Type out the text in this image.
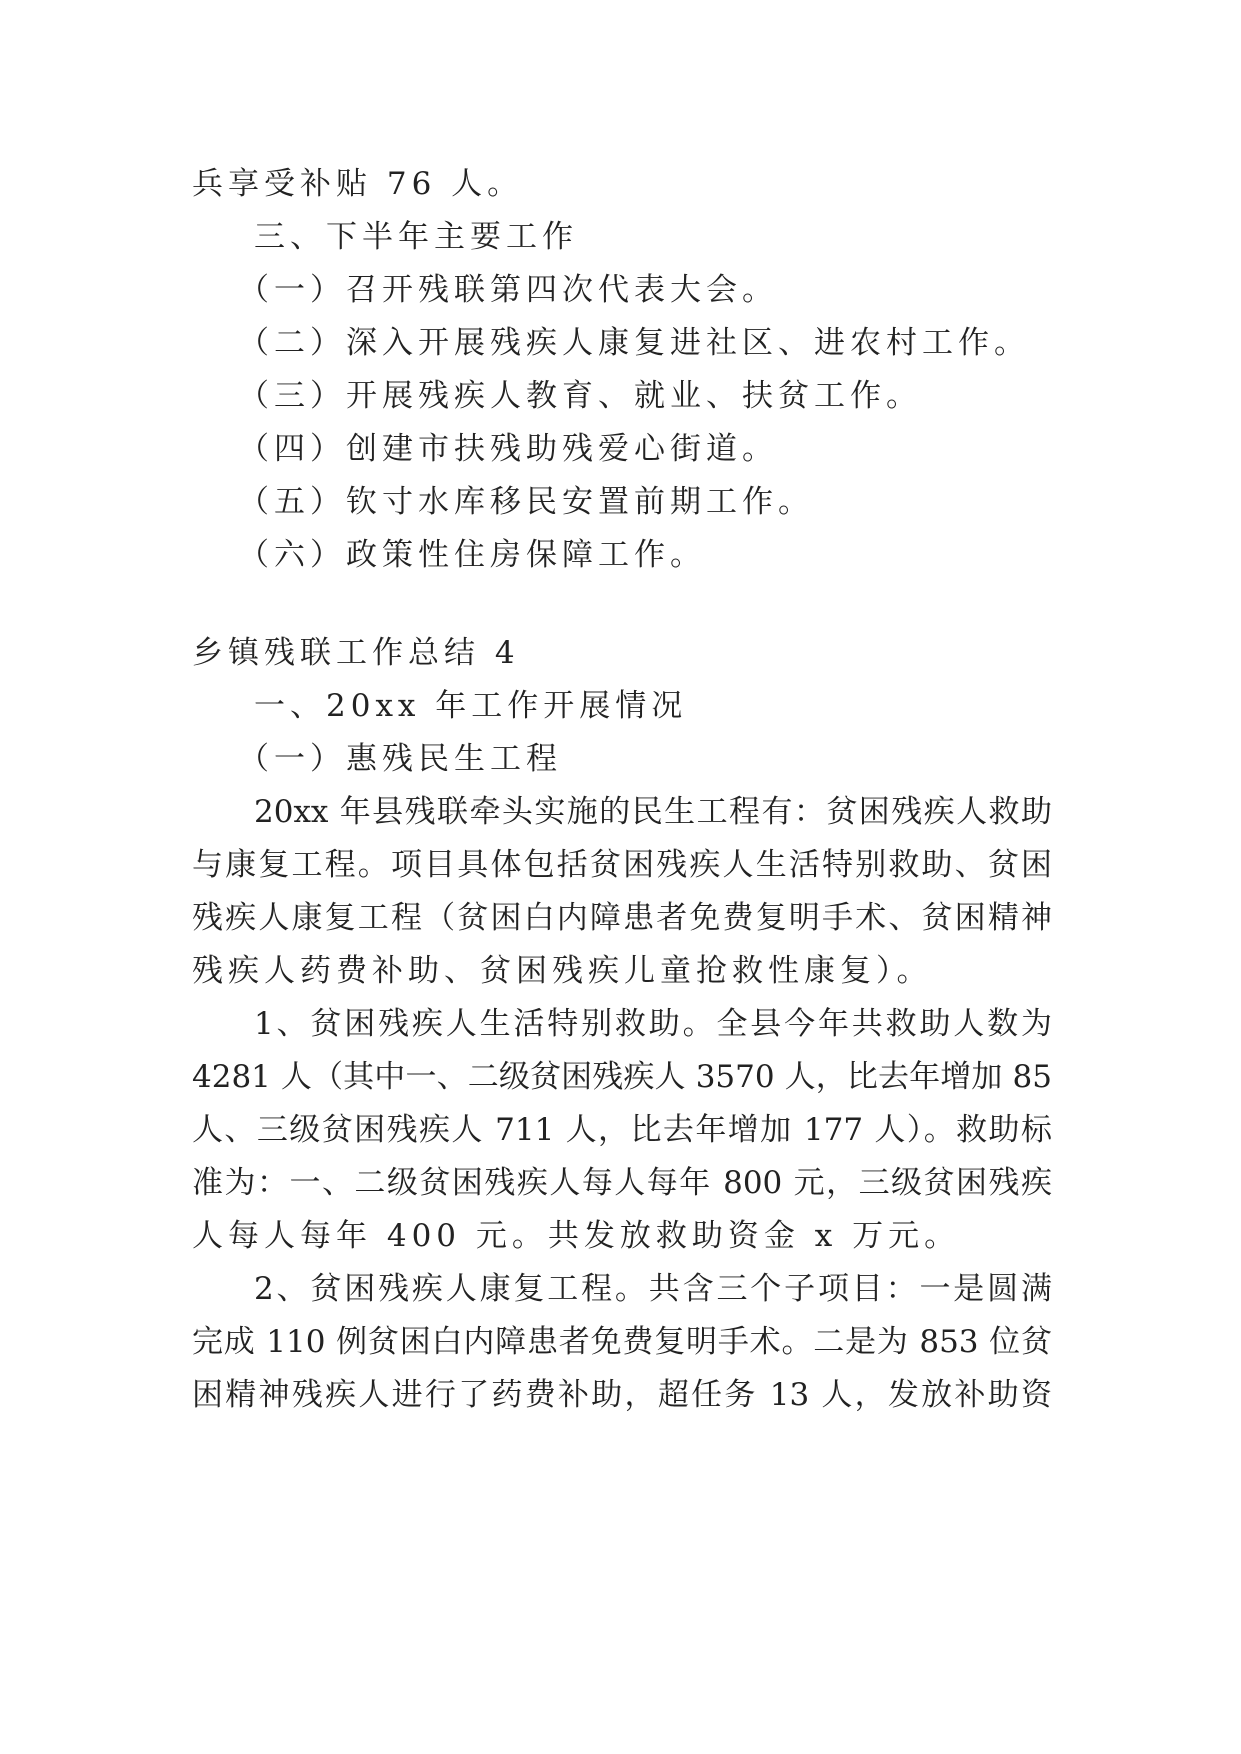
兵享受补贴 76 人。
三、下半年主要工作
（一）召开残联第四次代表大会。
（二）深入开展残疾人康复进社区、进农村工作。
（三）开展残疾人教育、就业、扶贫工作。
（四）创建市扶残助残爱心街道。
（五）钦寸水库移民安置前期工作。
（六）政策性住房保障工作。
乡镇残联工作总结 4
一、20xx 年工作开展情况
（一）惠残民生工程
20xx 年县残联牵头实施的民生工程有：贫困残疾人救助
与康复工程。项目具体包括贫困残疾人生活特别救助、贫困
残疾人康复工程（贫困白内障患者免费复明手术、贫困精神
残疾人药费补助、贫困残疾儿童抢救性康复）。
1、贫困残疾人生活特别救助。全县今年共救助人数为
4281 人（其中一、二级贫困残疾人 3570 人，比去年增加 85
人、三级贫困残疾人 711 人，比去年增加 177 人）。救助标
准为：一、二级贫困残疾人每人每年 800 元，三级贫困残疾
人每人每年 400 元。共发放救助资金 x 万元。
2、贫困残疾人康复工程。共含三个子项目：一是圆满
完成 110 例贫困白内障患者免费复明手术。二是为 853 位贫
困精神残疾人进行了药费补助，超任务 13 人，发放补助资
